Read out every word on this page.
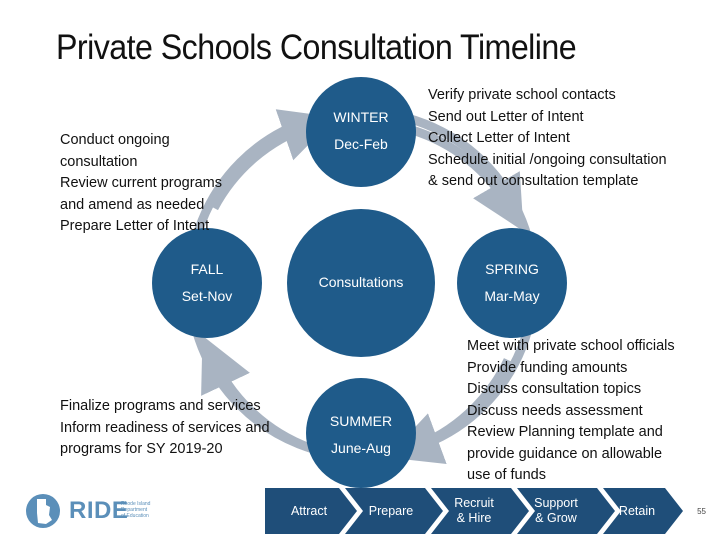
Private Schools Consultation Timeline
WINTER
Dec-Feb
SPRING
Mar-May
SUMMER
June-Aug
FALL
Set-Nov
Consultations
Conduct ongoing
consultation
Review current programs
and amend as needed
Prepare Letter of Intent
Verify private school contacts
Send out Letter of Intent
Collect Letter of Intent
Schedule initial /ongoing consultation
& send out consultation template
Meet with private school officials
Provide funding amounts
Discuss consultation topics
Discuss needs assessment
Review Planning template and
provide guidance on allowable
use of funds
Finalize programs and services
Inform readiness of services and
programs for SY 2019-20
RIDE
Rhode Island
Department
of Education	Attract	Prepare
Recruit
& Hire
Support
& Grow	Retain	55
